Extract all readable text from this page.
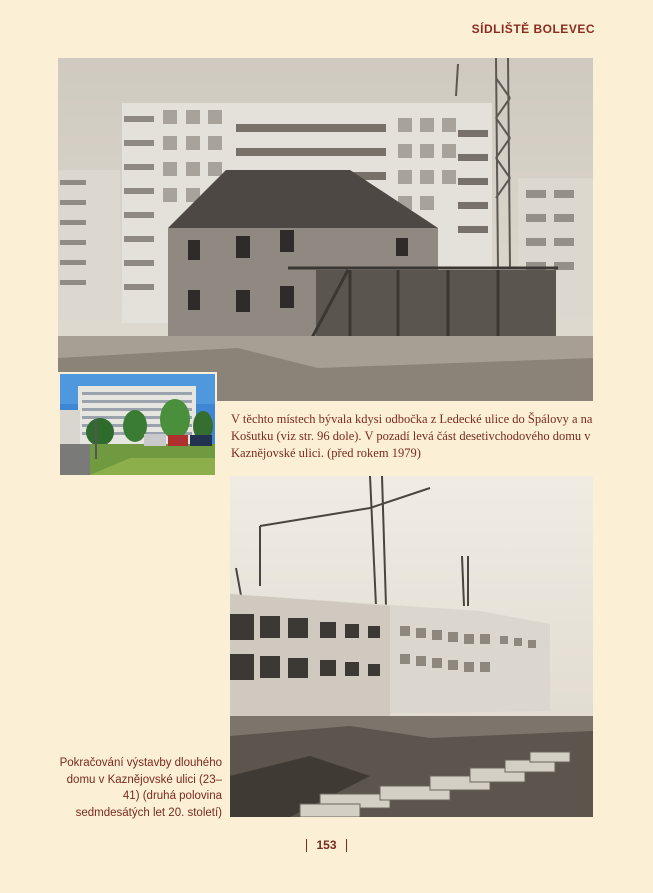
SÍDLIŠTĚ BOLEVEC
V těchto místech bývala kdysi odbočka z Ledecké ulice do Špálovy a na Košutku (viz str. 96 dole). V pozadí levá část desetivchodového domu v Kaznějovské ulici. (před rokem 1979)
Pokračování výstavby dlouhého domu v Kaznějovské ulici (23–41) (druhá polovina sedmdesátých let 20. století)
153
